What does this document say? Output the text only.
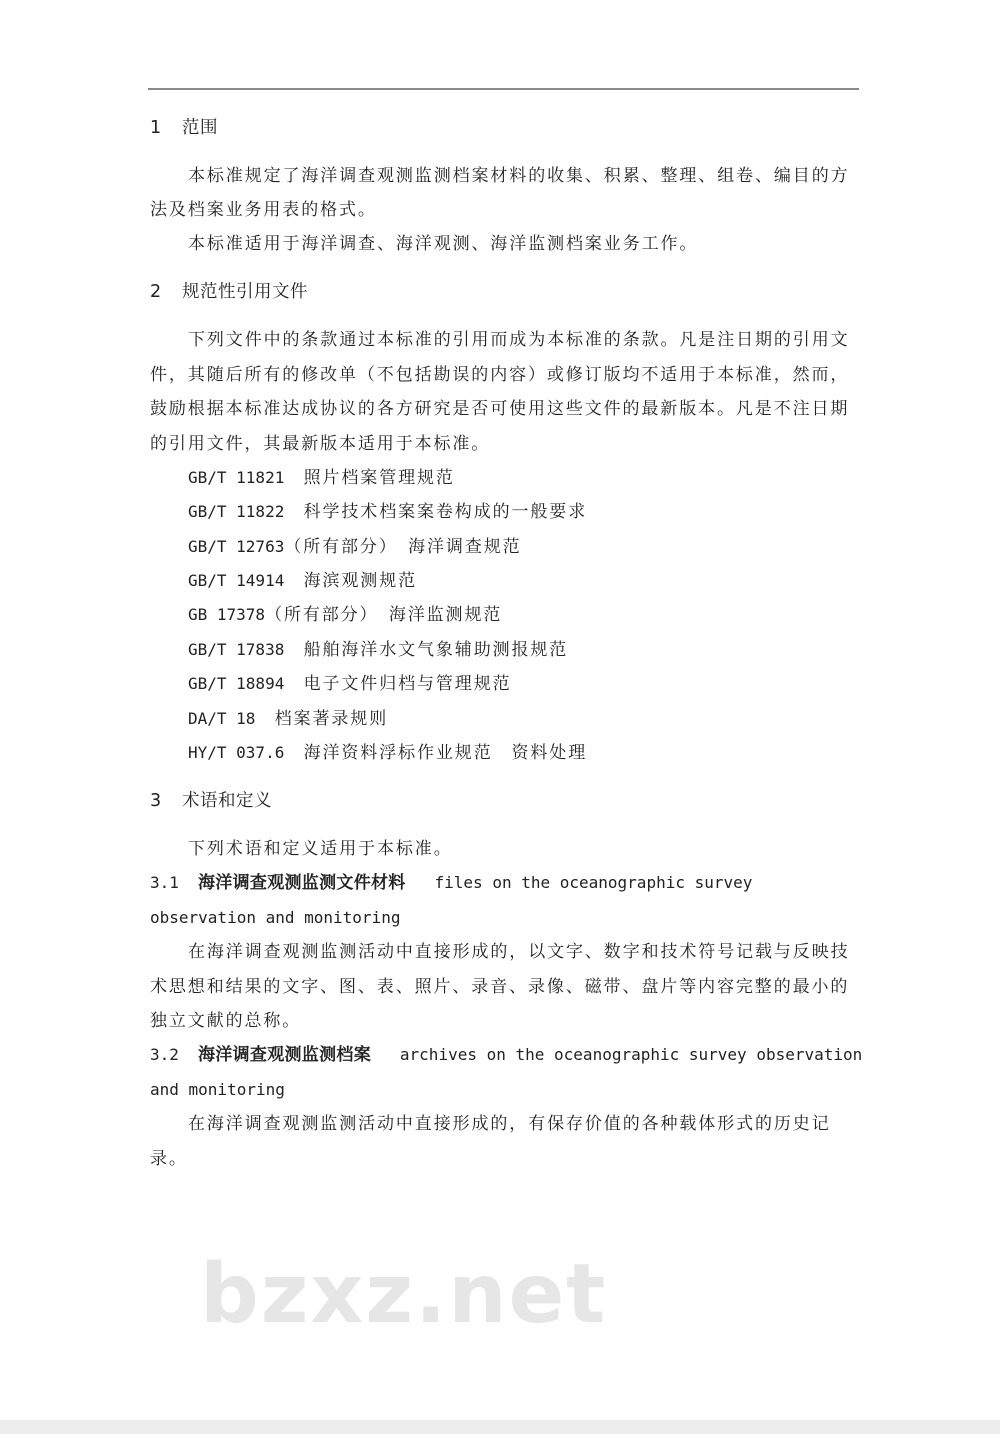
bzxz.net
1 范围
本标准规定了海洋调查观测监测档案材料的收集、积累、整理、组卷、编目的方
法及档案业务用表的格式。
本标准适用于海洋调查、海洋观测、海洋监测档案业务工作。
2 规范性引用文件
下列文件中的条款通过本标准的引用而成为本标准的条款。凡是注日期的引用文
件，其随后所有的修改单（不包括勘误的内容）或修订版均不适用于本标准，然而，
鼓励根据本标准达成协议的各方研究是否可使用这些文件的最新版本。凡是不注日期
的引用文件，其最新版本适用于本标准。
GB/T 11821 照片档案管理规范
GB/T 11822 科学技术档案案卷构成的一般要求
GB/T 12763（所有部分）　海洋调查规范
GB/T 14914 海滨观测规范
GB 17378（所有部分）　海洋监测规范
GB/T 17838 船舶海洋水文气象辅助测报规范
GB/T 18894 电子文件归档与管理规范
DA/T 18 档案著录规则
HY/T 037.6 海洋资料浮标作业规范　资料处理
3 术语和定义
下列术语和定义适用于本标准。
3.1 海洋调查观测监测文件材料 files on the oceanographic survey
observation and monitoring
在海洋调查观测监测活动中直接形成的，以文字、数字和技术符号记载与反映技
术思想和结果的文字、图、表、照片、录音、录像、磁带、盘片等内容完整的最小的
独立文献的总称。
3.2 海洋调查观测监测档案 archives on the oceanographic survey observation
and monitoring
在海洋调查观测监测活动中直接形成的，有保存价值的各种载体形式的历史记
录。
